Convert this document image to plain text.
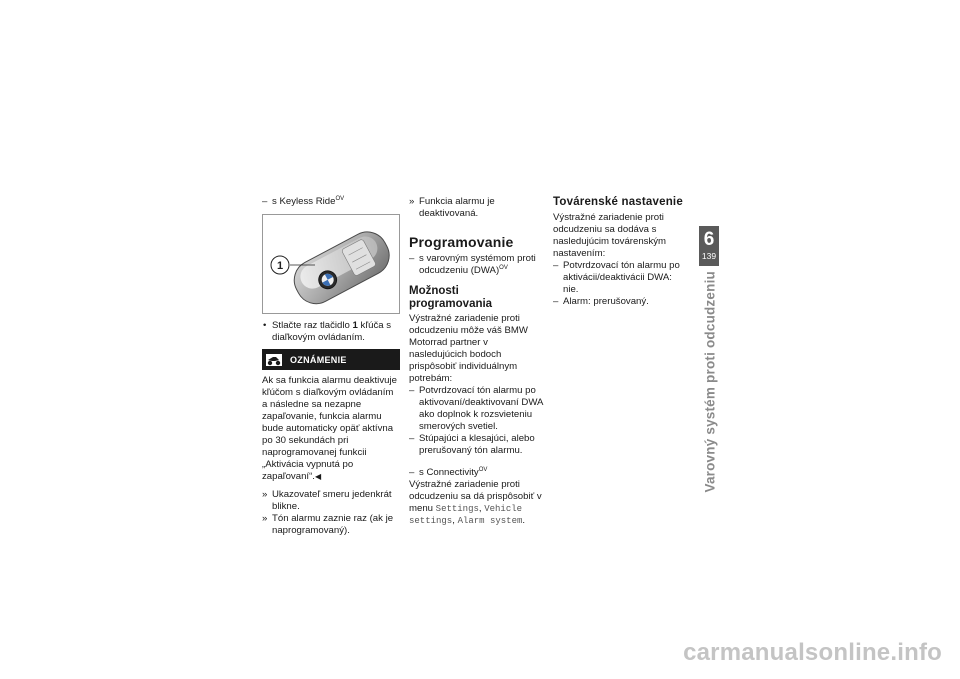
– s Keyless Ride$^{OV}$

1

• Stlačte raz tlačidlo 1 kľúča s diaľkovým ovládaním.

OZNÁMENIE

Ak sa funkcia alarmu deaktivuje kľúčom s diaľkovým ovládaním a následne sa nezapne zapaľovanie, funkcia alarmu bude automaticky opäť aktívna po 30 sekundách pri naprogramovanej funkcii „Aktivácia vypnutá po zapaľovaní“.◀

» Ukazovateľ smeru jedenkrát blikne.

» Tón alarmu zaznie raz (ak je naprogramovaný).

» Funkcia alarmu je deaktivovaná.

Programovanie

– s varovným systémom proti odcudzeniu (DWA)$^{OV}$

Možnosti programovania

Výstražné zariadenie proti odcudzeniu môže váš BMW Motorrad partner v nasledujúcich bodoch prispôsobiť individuálnym potrebám:

– Potvrdzovací tón alarmu po aktivovaní/deaktivovaní DWA ako doplnok k rozsvieteniu smerových svetiel.

– Stúpajúci a klesajúci, alebo prerušovaný tón alarmu.

– s Connectivity$^{OV}$

Výstražné zariadenie proti odcudzeniu sa dá prispôsobiť v menu Settings, Vehicle settings, Alarm system.

Továrenské nastavenie

Výstražné zariadenie proti odcudzeniu sa dodáva s nasledujúcim továrenským nastavením:

– Potvrdzovací tón alarmu po aktivácii/deaktivácii DWA: nie.

– Alarm: prerušovaný.

6
139
Varovný systém proti odcudzeniu
carmanualsonline.info
